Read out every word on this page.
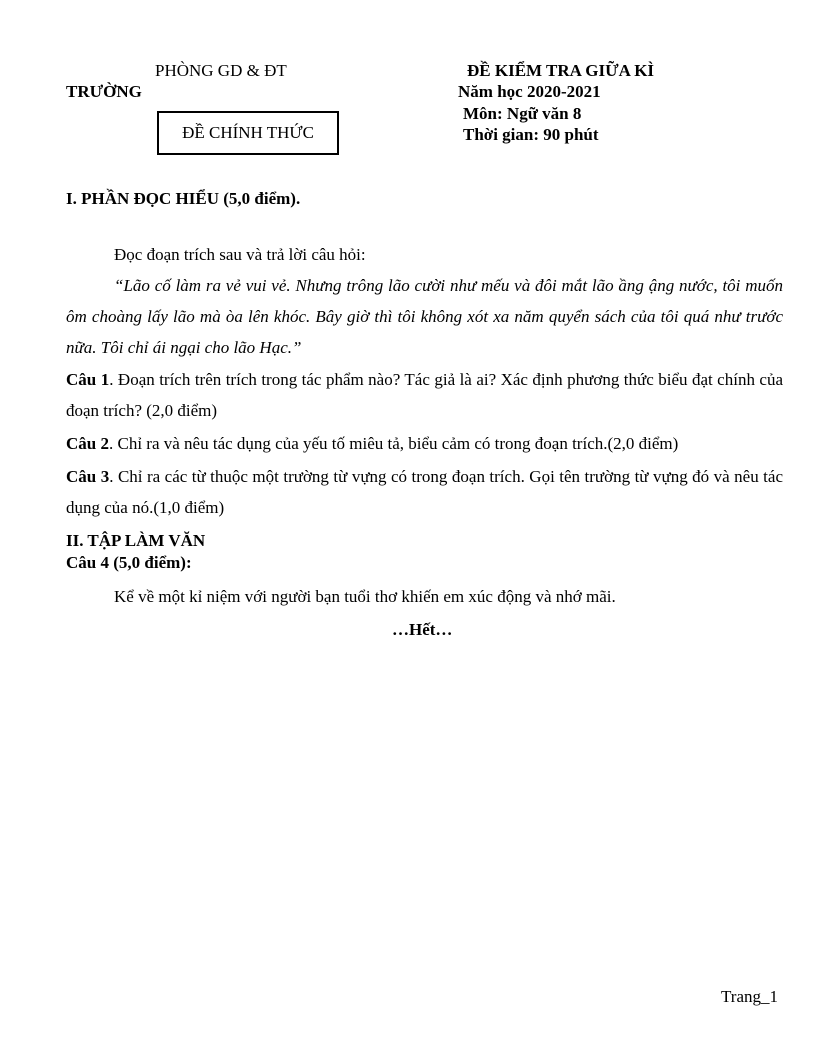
PHÒNG GD & ĐT
TRƯỜNG
ĐỀ CHÍNH THỨC
ĐỀ KIỂM TRA GIỮA KÌ
Năm học 2020-2021
Môn: Ngữ văn 8
Thời gian: 90 phút
I. PHẦN ĐỌC HIỂU (5,0 điểm).
Đọc đoạn trích sau và trả lời câu hỏi:
“Lão cố làm ra vẻ vui vẻ. Nhưng trông lão cười như mếu và đôi mắt lão ầng ậng nước, tôi muốn ôm choàng lấy lão mà òa lên khóc. Bây giờ thì tôi không xót xa năm quyển sách của tôi quá như trước nữa. Tôi chỉ ái ngại cho lão Hạc.”
Câu 1. Đoạn trích trên trích trong tác phẩm nào? Tác giả là ai? Xác định phương thức biểu đạt chính của đoạn trích? (2,0 điểm)
Câu 2. Chỉ ra và nêu tác dụng của yếu tố miêu tả, biểu cảm có trong đoạn trích.(2,0 điểm)
Câu 3. Chỉ ra các từ thuộc một trường từ vựng có trong đoạn trích. Gọi tên trường từ vựng đó và nêu tác dụng của nó.(1,0 điểm)
II. TẬP LÀM VĂN
Câu 4 (5,0 điểm):
Kể về một kỉ niệm với người bạn tuổi thơ khiến em xúc động và nhớ mãi.
…Hết…
Trang_1
